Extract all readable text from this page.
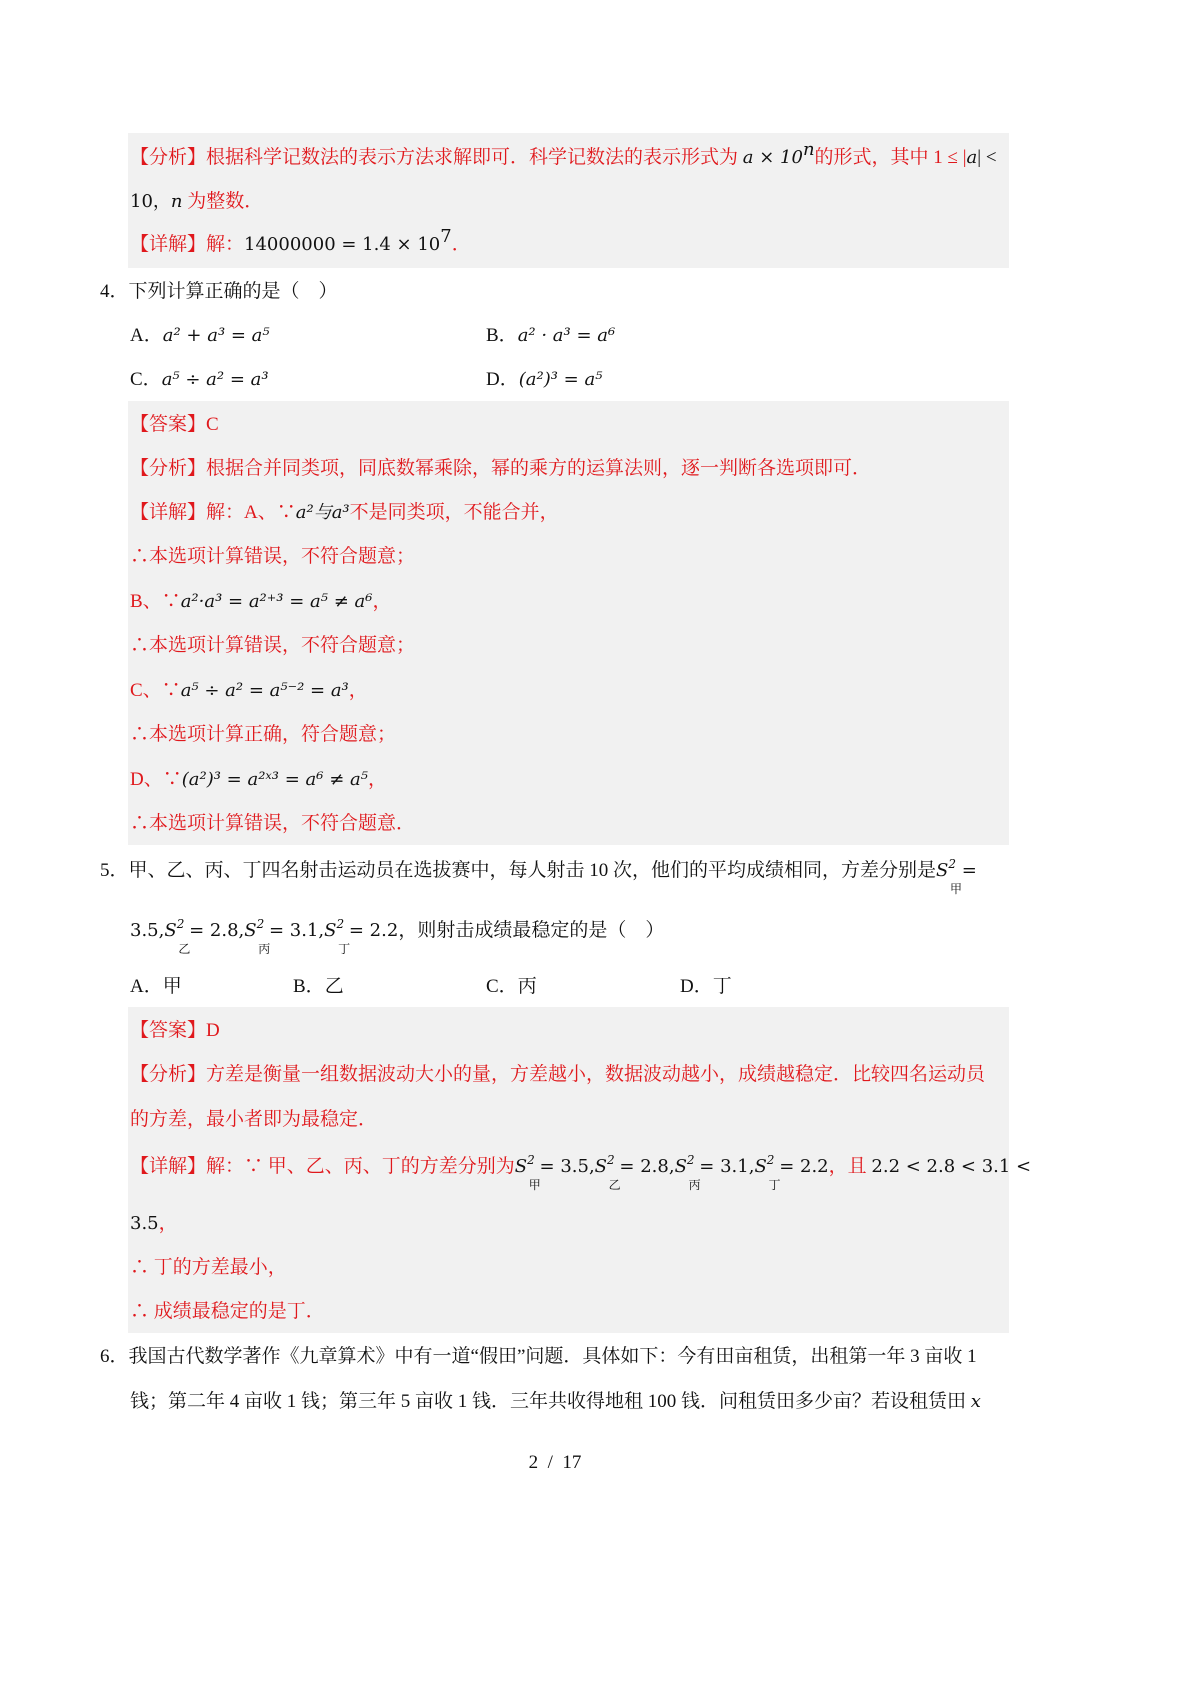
【分析】根据科学记数法的表示方法求解即可．科学记数法的表示形式为 $a \times 10^n$的形式，其中 1 ≤ |a| <
10，n 为整数．
【详解】解：$14000000 = 1.4 \times 10^7$．
4．下列计算正确的是（　）
A．a² + a³ = a⁵	B．a² · a³ = a⁶
C．a⁵ ÷ a² = a³	D．(a²)³ = a⁵
【答案】C
【分析】根据合并同类项，同底数幂乘除，幂的乘方的运算法则，逐一判断各选项即可．
【详解】解：A、∵a²与a³不是同类项，不能合并，
∴本选项计算错误，不符合题意；
B、∵a²·a³ = a²⁺³ = a⁵ ≠ a⁶，
∴本选项计算错误，不符合题意；
C、∵a⁵ ÷ a² = a⁵⁻² = a³，
∴本选项计算正确，符合题意；
D、∵(a²)³ = a²ˣ³ = a⁶ ≠ a⁵，
∴本选项计算错误，不符合题意．
5．甲、乙、丙、丁四名射击运动员在选拔赛中，每人射击 10 次，他们的平均成绩相同，方差分别是$S^2$
甲
=
$3.5,S^2$
乙
= $2.8,S^2$
丙
= $3.1,S^2$
丁
= 2.2，则射击成绩最稳定的是（　）
A．甲	B．乙	C．丙	D．丁
【答案】D
【分析】方差是衡量一组数据波动大小的量，方差越小，数据波动越小，成绩越稳定．比较四名运动员
的方差，最小者即为最稳定．
【详解】解：∵ 甲、乙、丙、丁的方差分别为$S^2$
甲
= $3.5,S^2$
乙
= $2.8,S^2$
丙
= $3.1,S^2$
丁
= 2.2，且 2.2 < 2.8 < 3.1 <
3.5，
∴ 丁的方差最小，
∴ 成绩最稳定的是丁．
6．我国古代数学著作《九章算术》中有一道“假田”问题．具体如下：今有田亩租赁，出租第一年 3 亩收 1
钱；第二年 4 亩收 1 钱；第三年 5 亩收 1 钱．三年共收得地租 100 钱．问租赁田多少亩？若设租赁田 x
2 / 17
